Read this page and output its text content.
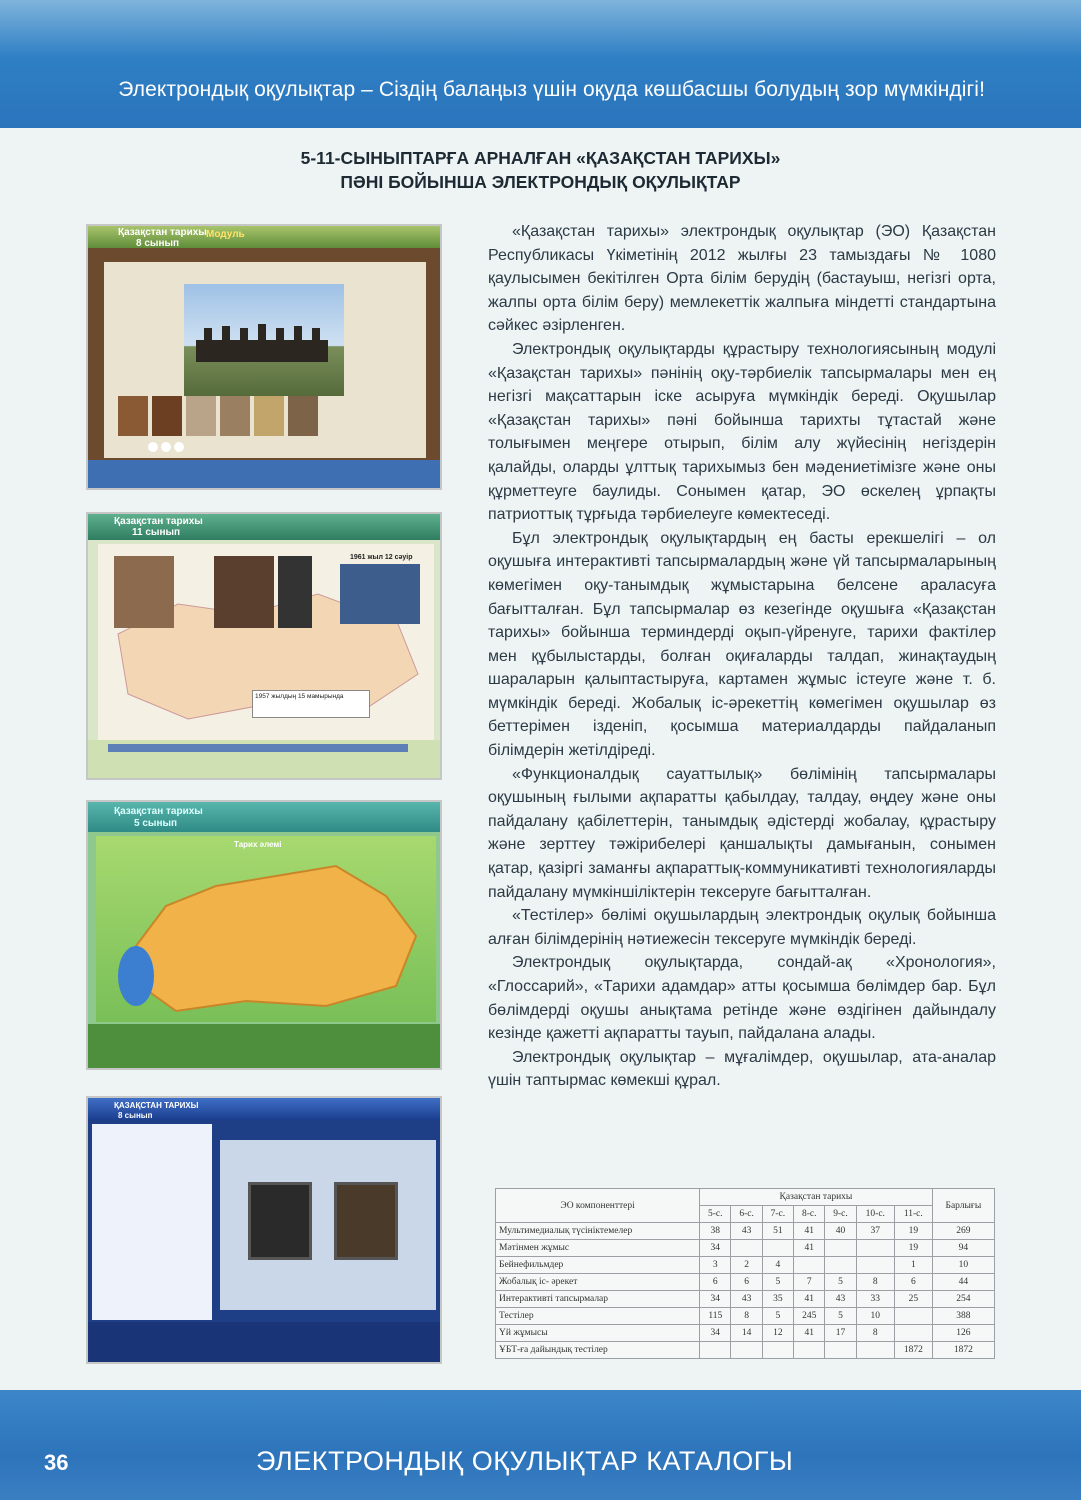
Электрондық оқулықтар – Сіздің балаңыз үшін оқуда көшбасшы болудың зор мүмкіндігі!
5-11-СЫНЫПТАРҒА АРНАЛҒАН «ҚАЗАҚСТАН ТАРИХЫ»
ПӘНІ БОЙЫНША ЭЛЕКТРОНДЫҚ ОҚУЛЫҚТАР
Қазақстан тарихы
8 сынып
Модуль
Қазақстан тарихы
11 сынып
1961 жыл 12 сәуір
1957 жылдың 15 мамырында
Қазақстан тарихы
5 сынып
Тарих әлемі
ҚАЗАҚСТАН ТАРИХЫ
8 сынып

«Қазақстан тарихы» электрондық оқулықтар (ЭО) Қазақстан Республикасы Үкіметінің 2012 жылғы 23 тамыздағы № 1080 қаулысымен бекітілген Орта білім берудің (бастауыш, негізгі орта, жалпы орта білім беру) мемлекеттік жалпыға міндетті стандартына сәйкес әзірленген.

Электрондық оқулықтарды құрастыру технологиясының модулі «Қазақстан тарихы» пәнінің оқу-тәрбиелік тапсырмалары мен ең негізгі мақсаттарын іске асыруға мүмкіндік береді. Оқушылар «Қазақстан тарихы» пәні бойынша тарихты тұтастай және толығымен меңгере отырып, білім алу жүйесінің негіздерін қалайды, оларды ұлттық тарихымыз бен мәдениетімізге және оны құрметтеуге баулиды. Сонымен қатар, ЭО өскелең ұрпақты патриоттық тұрғыда тәрбиелеуге көмектеседі.

Бұл электрондық оқулықтардың ең басты ерекшелігі – ол оқушыға интерактивті тапсырмалардың және үй тапсырмаларының көмегімен оқу-танымдық жұмыстарына белсене араласуға бағытталған. Бұл тапсырмалар өз кезегінде оқушыға «Қазақстан тарихы» бойынша терминдерді оқып-үйренуге, тарихи фактілер мен құбылыстарды, болған оқиғаларды талдап, жинақтаудың шараларын қалыптастыруға, картамен жұмыс істеуге және т. б. мүмкіндік береді. Жобалық іс-әрекеттің көмегімен оқушылар өз беттерімен ізденіп, қосымша материалдарды пайдаланып білімдерін жетілдіреді.

«Функционалдық сауаттылық» бөлімінің тапсырмалары оқушының ғылыми ақпаратты қабылдау, талдау, өңдеу және оны пайдалану қабілеттерін, танымдық әдістерді жобалау, құрастыру және зерттеу тәжірибелері қаншалықты дамығанын, сонымен қатар, қазіргі заманғы ақпараттық-коммуникативті технологияларды пайдалану мүмкіншіліктерін тексеруге бағытталған.

«Тестілер» бөлімі оқушылардың электрондық оқулық бойынша алған білімдерінің нәтиежесін тексеруге мүмкіндік береді.

Электрондық оқулықтарда, сондай-ақ «Хронология», «Глоссарий», «Тарихи адамдар» атты қосымша бөлімдер бар. Бұл бөлімдерді оқушы анықтама ретінде және өздігінен дайындалу кезінде қажетті ақпаратты тауып, пайдалана алады.

Электрондық оқулықтар – мұғалімдер, оқушылар, ата-аналар үшін таптырмас көмекші құрал.

ЭО компоненттері	Қазақстан тарихы							Барлығы
	5-с.	6-с.	7-с.	8-с.	9-с.	10-с.	11-с.	
Мультимедиалық түсініктемелер	38	43	51	41	40	37	19	269
Мәтінмен жұмыс	34			41			19	94
Бейнефильмдер	3	2	4				1	10
Жобалық іс- әрекет	6	6	5	7	5	8	6	44
Интерактивті тапсырмалар	34	43	35	41	43	33	25	254
Тестілер	115	8	5	245	5	10		388
Үй жұмысы	34	14	12	41	17	8		126
ҰБТ-ға дайындық тестілер							1872	1872
36	ЭЛЕКТРОНДЫҚ ОҚУЛЫҚТАР КАТАЛОГЫ
